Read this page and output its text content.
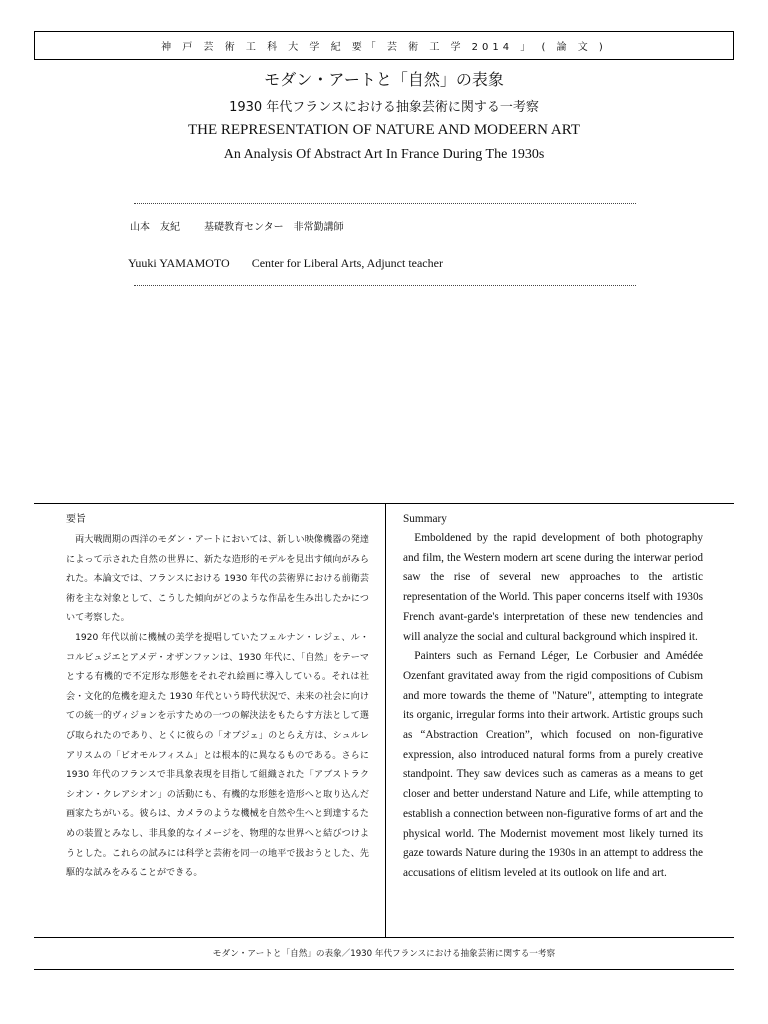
神 戸 芸 術 工 科 大 学 紀 要「 芸 術 工 学 2014 」 ( 論 文 )
モダン・アートと「自然」の表象
1930 年代フランスにおける抽象芸術に関する一考察
THE REPRESENTATION OF NATURE AND MODEERN ART
An Analysis Of Abstract Art In France During The 1930s
山本　友紀 基礎教育センター　非常勤講師
Yuuki YAMAMOTO Center for Liberal Arts, Adjunct teacher
要旨

両大戦間期の西洋のモダン・アートにおいては、新しい映像機器の発達によって示された自然の世界に、新たな造形的モデルを見出す傾向がみられた。本論文では、フランスにおける 1930 年代の芸術界における前衛芸術を主な対象として、こうした傾向がどのような作品を生み出したかについて考察した。

1920 年代以前に機械の美学を提唱していたフェルナン・レジェ、ル・コルビュジエとアメデ・オザンファンは、1930 年代に、「自然」をテーマとする有機的で不定形な形態をそれぞれ絵画に導入している。それは社会・文化的危機を迎えた 1930 年代という時代状況で、未来の社会に向けての統一的ヴィジョンを示すための一つの解決法をもたらす方法として選び取られたのであり、とくに彼らの「オブジェ」のとらえ方は、シュルレアリスムの「ビオモルフィスム」とは根本的に異なるものである。さらに 1930 年代のフランスで非具象表現を目指して組織された「アブストラクシオン・クレアシオン」の活動にも、有機的な形態を造形へと取り込んだ画家たちがいる。彼らは、カメラのような機械を自然や生へと到達するための装置とみなし、非具象的なイメージを、物理的な世界へと結びつけようとした。これらの試みには科学と芸術を同一の地平で扱おうとした、先駆的な試みをみることができる。

Summary

Emboldened by the rapid development of both photography and film, the Western modern art scene during the interwar period saw the rise of several new approaches to the artistic representation of the World. This paper concerns itself with 1930s French avant-garde's interpretation of these new tendencies and will analyze the social and cultural background which inspired it.

Painters such as Fernand Léger, Le Corbusier and Amédée Ozenfant gravitated away from the rigid compositions of Cubism and more towards the theme of "Nature", attempting to integrate its organic, irregular forms into their artwork. Artistic groups such as “Abstraction Creation”, which focused on non-figurative expression, also introduced natural forms from a purely creative standpoint. They saw devices such as cameras as a means to get closer and better understand Nature and Life, while attempting to establish a connection between non-figurative forms of art and the physical world. The Modernist movement most likely turned its gaze towards Nature during the 1930s in an attempt to address the accusations of elitism leveled at its outlook on life and art.

モダン・アートと「自然」の表象／1930 年代フランスにおける抽象芸術に関する一考察
